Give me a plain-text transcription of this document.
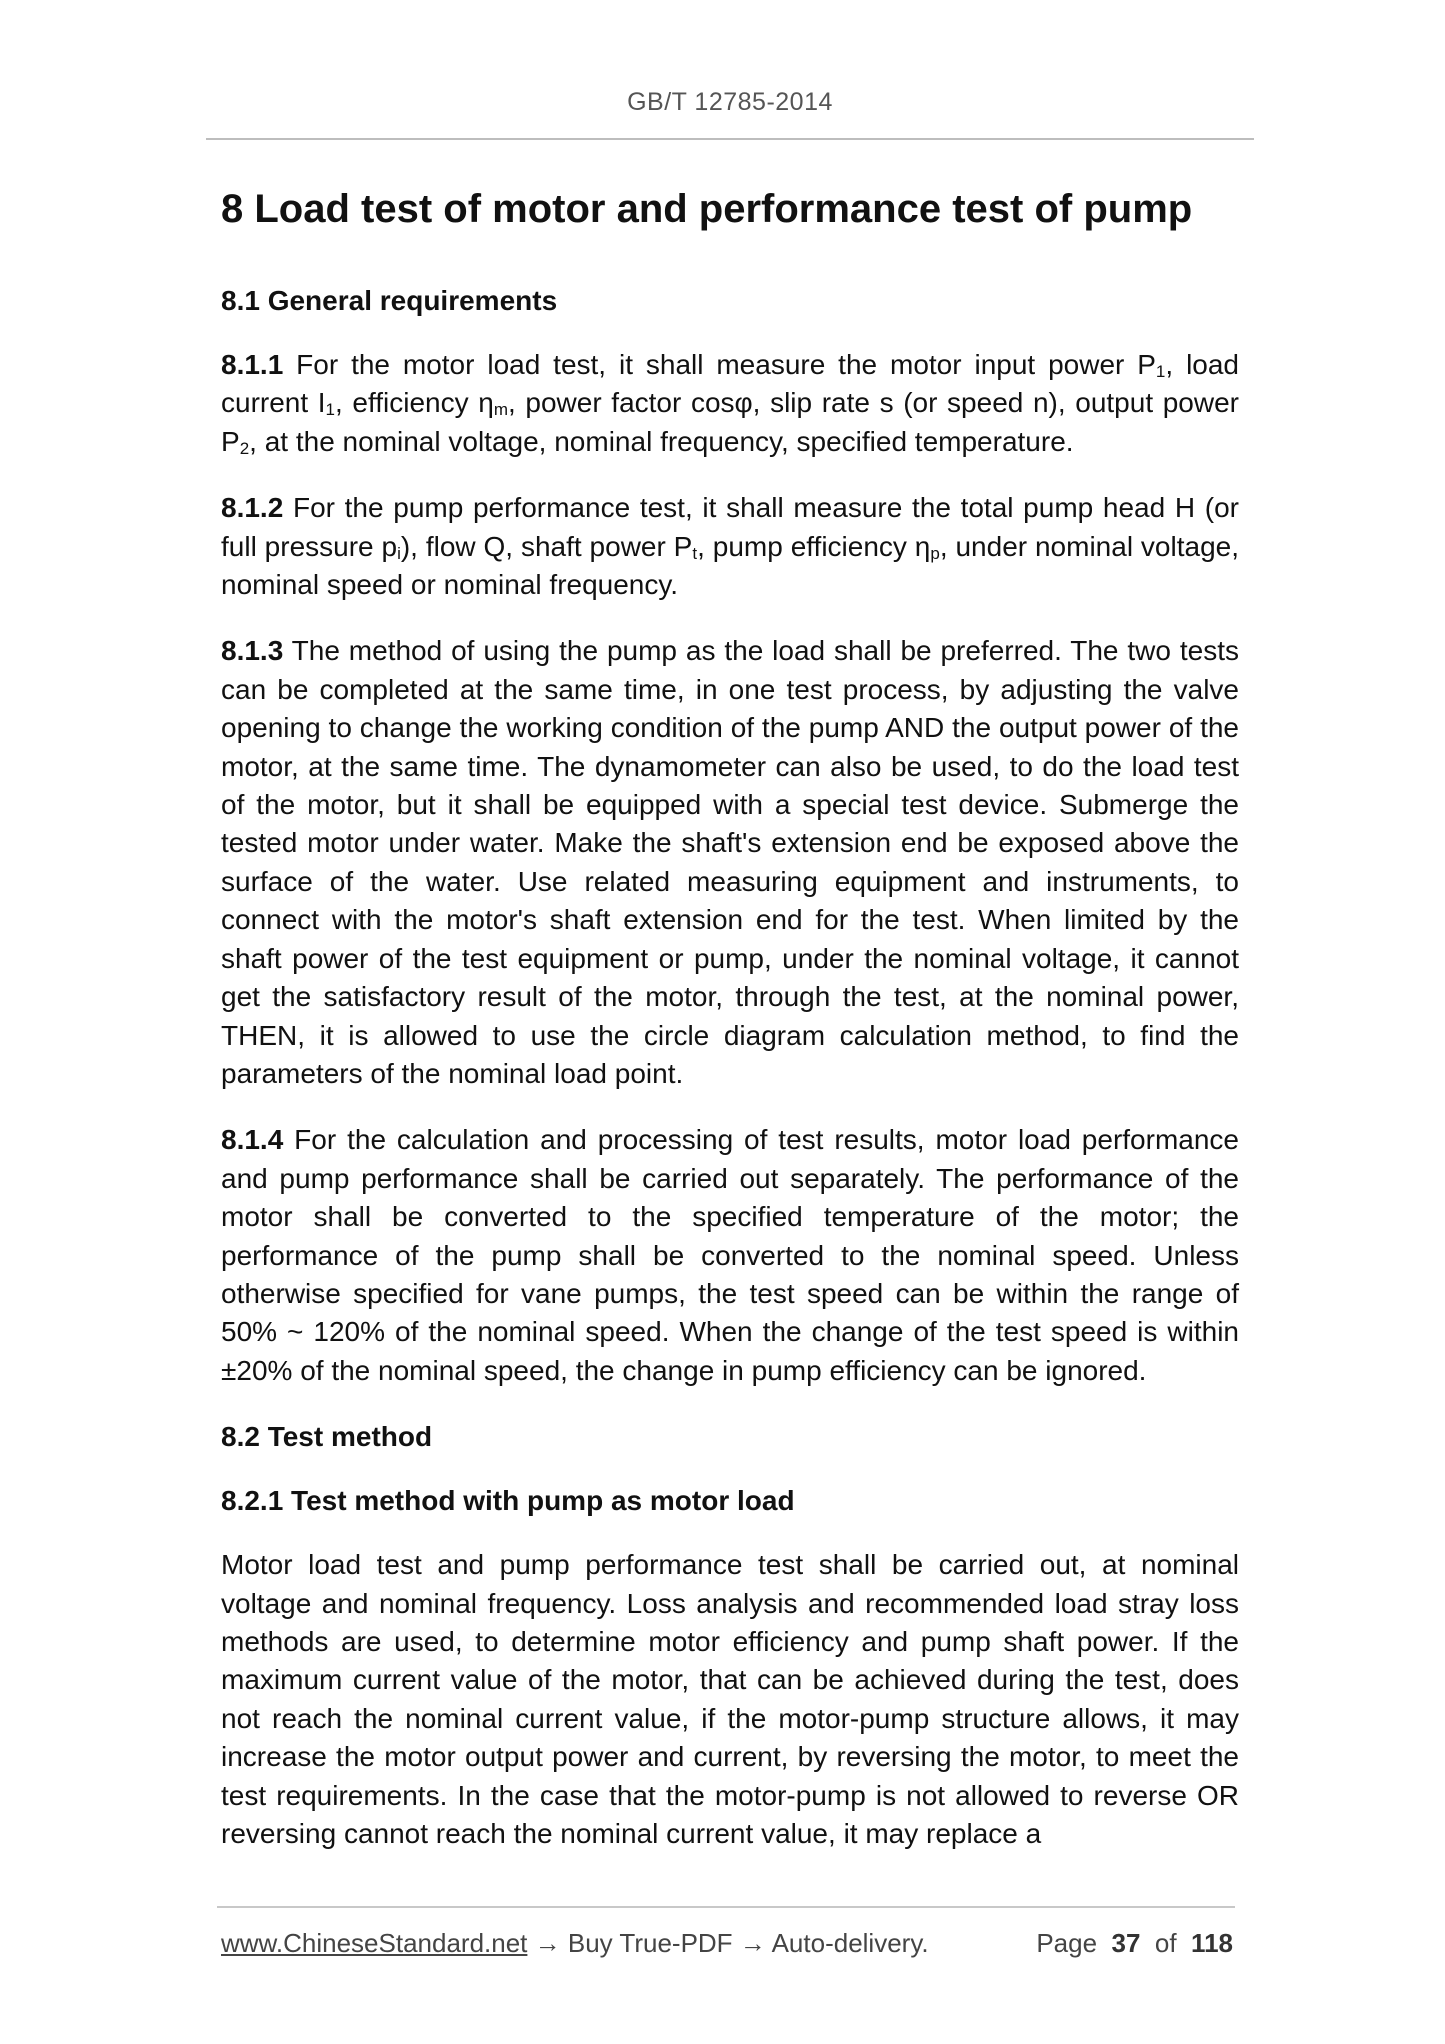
GB/T 12785-2014
8 Load test of motor and performance test of pump
8.1 General requirements

8.1.1 For the motor load test, it shall measure the motor input power $P_1$, load current $I_1$, efficiency $\eta_m$, power factor cosφ, slip rate s (or speed n), output power $P_2$, at the nominal voltage, nominal frequency, specified temperature.

8.1.2 For the pump performance test, it shall measure the total pump head H (or full pressure $p_i$), flow Q, shaft power $P_t$, pump efficiency $\eta_p$, under nominal voltage, nominal speed or nominal frequency.

8.1.3 The method of using the pump as the load shall be preferred. The two tests can be completed at the same time, in one test process, by adjusting the valve opening to change the working condition of the pump AND the output power of the motor, at the same time. The dynamometer can also be used, to do the load test of the motor, but it shall be equipped with a special test device. Submerge the tested motor under water. Make the shaft's extension end be exposed above the surface of the water. Use related measuring equipment and instruments, to connect with the motor's shaft extension end for the test. When limited by the shaft power of the test equipment or pump, under the nominal voltage, it cannot get the satisfactory result of the motor, through the test, at the nominal power, THEN, it is allowed to use the circle diagram calculation method, to find the parameters of the nominal load point.

8.1.4 For the calculation and processing of test results, motor load performance and pump performance shall be carried out separately. The performance of the motor shall be converted to the specified temperature of the motor; the performance of the pump shall be converted to the nominal speed. Unless otherwise specified for vane pumps, the test speed can be within the range of 50% ~ 120% of the nominal speed. When the change of the test speed is within ±20% of the nominal speed, the change in pump efficiency can be ignored.

8.2 Test method
8.2.1 Test method with pump as motor load

Motor load test and pump performance test shall be carried out, at nominal voltage and nominal frequency. Loss analysis and recommended load stray loss methods are used, to determine motor efficiency and pump shaft power. If the maximum current value of the motor, that can be achieved during the test, does not reach the nominal current value, if the motor-pump structure allows, it may increase the motor output power and current, by reversing the motor, to meet the test requirements. In the case that the motor-pump is not allowed to reverse OR reversing cannot reach the nominal current value, it may replace a

www.ChineseStandard.net → Buy True-PDF → Auto-delivery.	Page 37 of 118
